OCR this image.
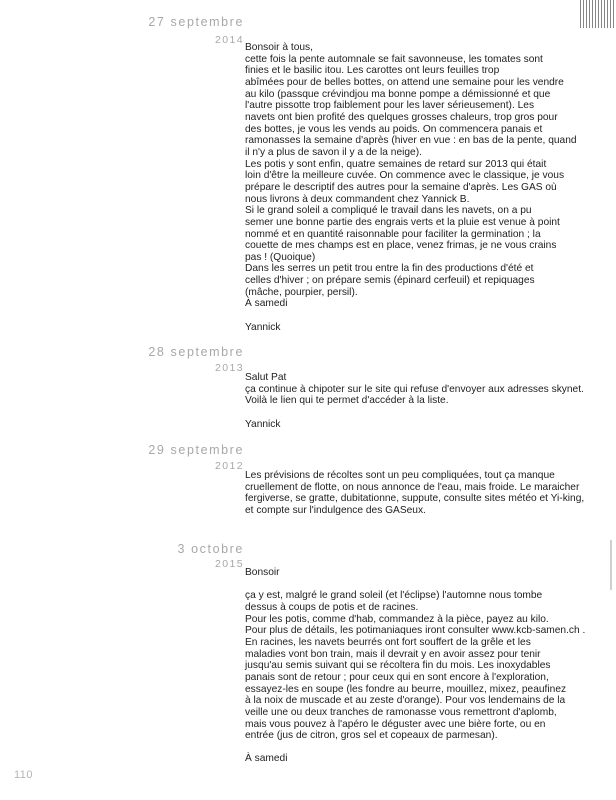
27 septembre
2014
Bonsoir à tous,
cette fois la pente automnale se fait savonneuse, les tomates sont
finies et le basilic itou. Les carottes ont leurs feuilles trop
abîmées pour de belles bottes, on attend une semaine pour les vendre
au kilo (passque crévindjou ma bonne pompe a démissionné et que
l'autre pissotte trop faiblement pour les laver sérieusement). Les
navets ont bien profité des quelques grosses chaleurs, trop gros pour
des bottes, je vous les vends au poids. On commencera panais et
ramonasses la semaine d'après (hiver en vue : en bas de la pente, quand
il n'y a plus de savon il y a de la neige).
Les potis y sont enfin, quatre semaines de retard sur 2013 qui était
loin d'être la meilleure cuvée. On commence avec le classique, je vous
prépare le descriptif des autres pour la semaine d'après. Les GAS où
nous livrons à deux commandent chez Yannick B.
Si le grand soleil a compliqué le travail dans les navets, on a pu
semer une bonne partie des engrais verts et la pluie est venue à point
nommé et en quantité raisonnable pour faciliter la germination ; la
couette de mes champs est en place, venez frimas, je ne vous crains
pas ! (Quoique)
Dans les serres un petit trou entre la fin des productions d'été et
celles d'hiver ; on prépare semis (épinard cerfeuil) et repiquages
(mâche, pourpier, persil).
À samedi
Yannick
28 septembre
2013
Salut Pat
ça continue à chipoter sur le site qui refuse d'envoyer aux adresses skynet.
Voilà le lien qui te permet d'accéder à la liste.
Yannick
29 septembre
2012
Les prévisions de récoltes sont un peu compliquées, tout ça manque
cruellement de flotte, on nous annonce de l'eau, mais froide. Le maraicher
fergiverse, se gratte, dubitationne, suppute, consulte sites météo et Yi-king,
et compte sur l'indulgence des GASeux.
3 octobre
2015
Bonsoir
ça y est, malgré le grand soleil (et l'éclipse) l'automne nous tombe
dessus à coups de potis et de racines.
Pour les potis, comme d'hab, commandez à la pièce, payez au kilo.
Pour plus de détails, les potimaniaques iront consulter www.kcb-samen.ch .
En racines, les navets beurrés ont fort souffert de la grêle et les
maladies vont bon train, mais il devrait y en avoir assez pour tenir
jusqu'au semis suivant qui se récoltera fin du mois. Les inoxydables
panais sont de retour ; pour ceux qui en sont encore à l'exploration,
essayez-les en soupe (les fondre au beurre, mouillez, mixez, peaufinez
à la noix de muscade et au zeste d'orange). Pour vos lendemains de la
veille une ou deux tranches de ramonasse vous remettront d'aplomb,
mais vous pouvez à l'apéro le déguster avec une bière forte, ou en
entrée (jus de citron, gros sel et copeaux de parmesan).
À samedi
110
